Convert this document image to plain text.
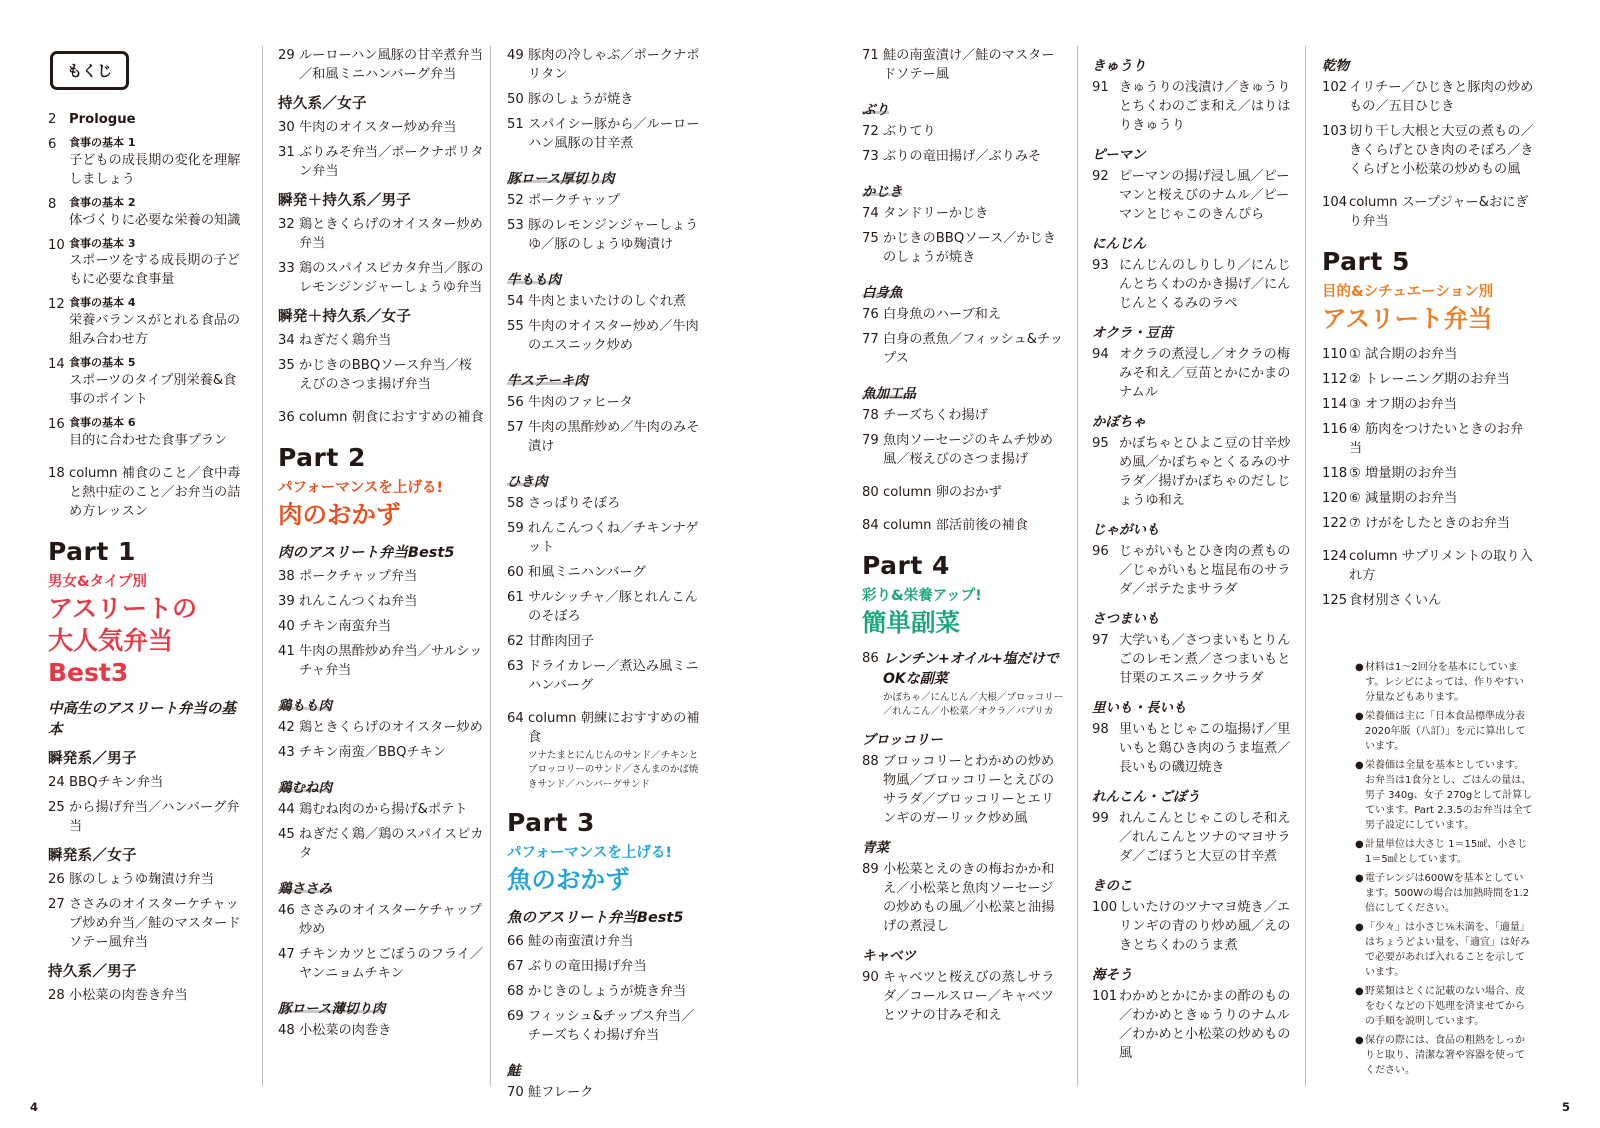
もくじ
2 Prologue
6	食事の基本 1
子どもの成長期の変化を理解しましょう
8	食事の基本 2
体づくりに必要な栄養の知識
10 食事の基本 3
スポーツをする成長期の子どもに必要な食事量
12 食事の基本 4
栄養バランスがとれる食品の組み合わせ方
14 食事の基本 5
スポーツのタイプ別栄養&食事のポイント
16 食事の基本 6
目的に合わせた食事プラン
18 column 補食のこと／食中毒と熱中症のこと／お弁当の詰め方レッスン
Part 1
男女&タイプ別
アスリートの
大人気弁当
Best3
中高生のアスリート弁当の基本
瞬発系／男子
24 BBQチキン弁当
25 から揚げ弁当／ハンバーグ弁当
瞬発系／女子
26 豚のしょうゆ麹漬け弁当
27 ささみのオイスターケチャップ炒め弁当／鮭のマスタードソテー風弁当
持久系／男子
28 小松菜の肉巻き弁当
29 ルーローハン風豚の甘辛煮弁当／和風ミニハンバーグ弁当
持久系／女子
30 牛肉のオイスター炒め弁当
31 ぶりみそ弁当／ポークナポリタン弁当
瞬発＋持久系／男子
32 鶏ときくらげのオイスター炒め弁当
33 鶏のスパイスピカタ弁当／豚のレモンジンジャーしょうゆ弁当
瞬発＋持久系／女子
34 ねぎだく鶏弁当
35 かじきのBBQソース弁当／桜えびのさつま揚げ弁当
36 column 朝食におすすめの補食
Part 2
パフォーマンスを上げる!
肉のおかず
肉のアスリート弁当Best5
38 ポークチャップ弁当
39 れんこんつくね弁当
40 チキン南蛮弁当
41 牛肉の黒酢炒め弁当／サルシッチャ弁当
鶏もも肉
42 鶏ときくらげのオイスター炒め
43 チキン南蛮／BBQチキン
鶏むね肉
44 鶏むね肉のから揚げ&ポテト
45 ねぎだく鶏／鶏のスパイスピカタ
鶏ささみ
46 ささみのオイスターケチャップ炒め
47 チキンカツとごぼうのフライ／ヤンニョムチキン
豚ロース薄切り肉
48 小松菜の肉巻き
49 豚肉の冷しゃぶ／ポークナポリタン
50 豚のしょうが焼き
51 スパイシー豚から／ルーローハン風豚の甘辛煮
豚ロース厚切り肉
52 ポークチャップ
53 豚のレモンジンジャーしょうゆ／豚のしょうゆ麹漬け
牛もも肉
54 牛肉とまいたけのしぐれ煮
55 牛肉のオイスター炒め／牛肉のエスニック炒め
牛ステーキ肉
56 牛肉のファヒータ
57 牛肉の黒酢炒め／牛肉のみそ漬け
ひき肉
58 さっぱりそぼろ
59 れんこんつくね／チキンナゲット
60 和風ミニハンバーグ
61 サルシッチャ／豚とれんこんのそぼろ
62 甘酢肉団子
63 ドライカレー／煮込み風ミニハンバーグ
64 column 朝練におすすめの補食
ツナたまとにんじんのサンド／チキンとブロッコリーのサンド／さんまのかば焼きサンド／ハンバーグサンド
Part 3
パフォーマンスを上げる!
魚のおかず
魚のアスリート弁当Best5
66 鮭の南蛮漬け弁当
67 ぶりの竜田揚げ弁当
68 かじきのしょうが焼き弁当
69 フィッシュ&チップス弁当／チーズちくわ揚げ弁当
鮭
70 鮭フレーク
71 鮭の南蛮漬け／鮭のマスタードソテー風
ぶり
72 ぶりてり
73 ぶりの竜田揚げ／ぶりみそ
かじき
74 タンドリーかじき
75 かじきのBBQソース／かじきのしょうが焼き
白身魚
76 白身魚のハーブ和え
77 白身の煮魚／フィッシュ&チップス
魚加工品
78 チーズちくわ揚げ
79 魚肉ソーセージのキムチ炒め風／桜えびのさつま揚げ
80 column 卵のおかず
84 column 部活前後の補食
Part 4
彩り&栄養アップ!
簡単副菜
86 レンチン+オイル+塩だけでOKな副菜
かぼちゃ／にんじん／大根／ブロッコリー／れんこん／小松菜／オクラ／パプリカ
ブロッコリー
88 ブロッコリーとわかめの炒め物風／ブロッコリーとえびのサラダ／ブロッコリーとエリンギのガーリック炒め風
青菜
89 小松菜とえのきの梅おかか和え／小松菜と魚肉ソーセージの炒めもの風／小松菜と油揚げの煮浸し
キャベツ
90 キャベツと桜えびの蒸しサラダ／コールスロー／キャベツとツナの甘みそ和え
きゅうり
91 きゅうりの浅漬け／きゅうりとちくわのごま和え／はりはりきゅうり
ピーマン
92 ピーマンの揚げ浸し風／ピーマンと桜えびのナムル／ピーマンとじゃこのきんぴら
にんじん
93 にんじんのしりしり／にんじんとちくわのかき揚げ／にんじんとくるみのラペ
オクラ・豆苗
94 オクラの煮浸し／オクラの梅みそ和え／豆苗とかにかまのナムル
かぼちゃ
95 かぼちゃとひよこ豆の甘辛炒め風／かぼちゃとくるみのサラダ／揚げかぼちゃのだしじょうゆ和え
じゃがいも
96 じゃがいもとひき肉の煮もの／じゃがいもと塩昆布のサラダ／ポテたまサラダ
さつまいも
97 大学いも／さつまいもとりんごのレモン煮／さつまいもと甘栗のエスニックサラダ
里いも・長いも
98 里いもとじゃこの塩揚げ／里いもと鶏ひき肉のうま塩煮／長いもの磯辺焼き
れんこん・ごぼう
99 れんこんとじゃこのしそ和え／れんこんとツナのマヨサラダ／ごぼうと大豆の甘辛煮
きのこ
100 しいたけのツナマヨ焼き／エリンギの青のり炒め風／えのきとちくわのうま煮
海そう
101 わかめとかにかまの酢のもの／わかめときゅうりのナムル／わかめと小松菜の炒めもの風
乾物
102 イリチー／ひじきと豚肉の炒めもの／五目ひじき
103 切り干し大根と大豆の煮もの／きくらげとひき肉のそぼろ／きくらげと小松菜の炒めもの風
104 column スープジャー&おにぎり弁当
Part 5
目的&シチュエーション別
アスリート弁当
110 ① 試合期のお弁当
112 ② トレーニング期のお弁当
114 ③ オフ期のお弁当
116 ④ 筋肉をつけたいときのお弁当
118 ⑤ 増量期のお弁当
120 ⑥ 減量期のお弁当
122 ⑦ けがをしたときのお弁当
124 column サプリメントの取り入れ方
125 食材別さくいん
● 材料は1～2回分を基本にしています。レシピによっては、作りやすい分量などもあります。
● 栄養価は主に「日本食品標準成分表2020年版（八訂）」を元に算出しています。
● 栄養価は全量を基本としています。お弁当は1食分とし、ごはんの量は、男子 340g、女子 270gとして計算しています。Part 2.3.5のお弁当は全て男子設定にしています。
● 計量単位は大さじ 1＝15㎖、小さじ1＝5㎖としています。
● 電子レンジは600Wを基本としています。500Wの場合は加熱時間を1.2倍にしてください。
● 「少々」は小さじ⅙未満を、「適量」はちょうどよい量を、「適宜」は好みで必要があれば入れることを示しています。
● 野菜類はとくに記載のない場合、皮をむくなどの下処理を済ませてからの手順を説明しています。
● 保存の際には、食品の粗熱をしっかりと取り、清潔な箸や容器を使ってください。
4	5
